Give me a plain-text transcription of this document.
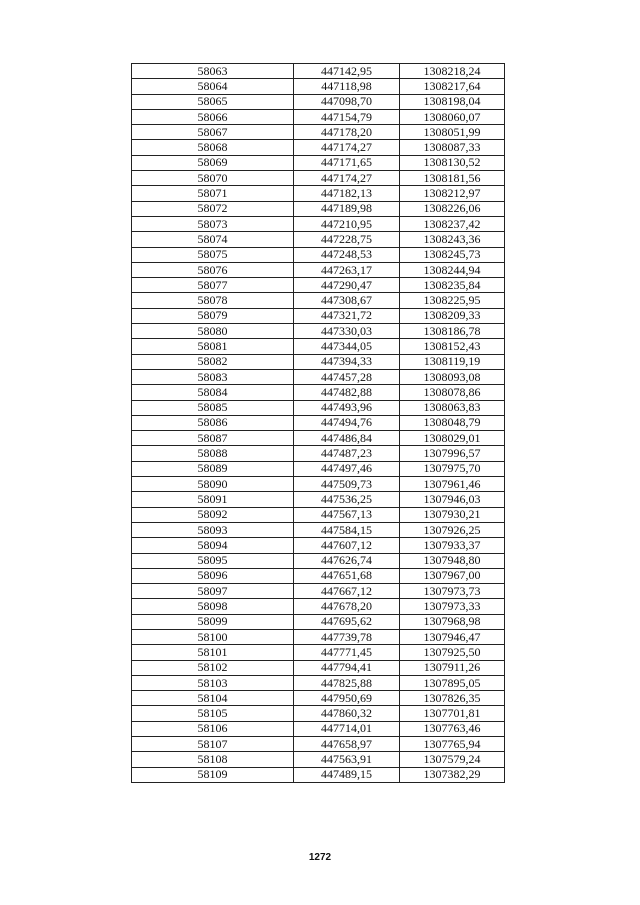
58063	447142,95	1308218,24
58064	447118,98	1308217,64
58065	447098,70	1308198,04
58066	447154,79	1308060,07
58067	447178,20	1308051,99
58068	447174,27	1308087,33
58069	447171,65	1308130,52
58070	447174,27	1308181,56
58071	447182,13	1308212,97
58072	447189,98	1308226,06
58073	447210,95	1308237,42
58074	447228,75	1308243,36
58075	447248,53	1308245,73
58076	447263,17	1308244,94
58077	447290,47	1308235,84
58078	447308,67	1308225,95
58079	447321,72	1308209,33
58080	447330,03	1308186,78
58081	447344,05	1308152,43
58082	447394,33	1308119,19
58083	447457,28	1308093,08
58084	447482,88	1308078,86
58085	447493,96	1308063,83
58086	447494,76	1308048,79
58087	447486,84	1308029,01
58088	447487,23	1307996,57
58089	447497,46	1307975,70
58090	447509,73	1307961,46
58091	447536,25	1307946,03
58092	447567,13	1307930,21
58093	447584,15	1307926,25
58094	447607,12	1307933,37
58095	447626,74	1307948,80
58096	447651,68	1307967,00
58097	447667,12	1307973,73
58098	447678,20	1307973,33
58099	447695,62	1307968,98
58100	447739,78	1307946,47
58101	447771,45	1307925,50
58102	447794,41	1307911,26
58103	447825,88	1307895,05
58104	447950,69	1307826,35
58105	447860,32	1307701,81
58106	447714,01	1307763,46
58107	447658,97	1307765,94
58108	447563,91	1307579,24
58109	447489,15	1307382,29
1272
